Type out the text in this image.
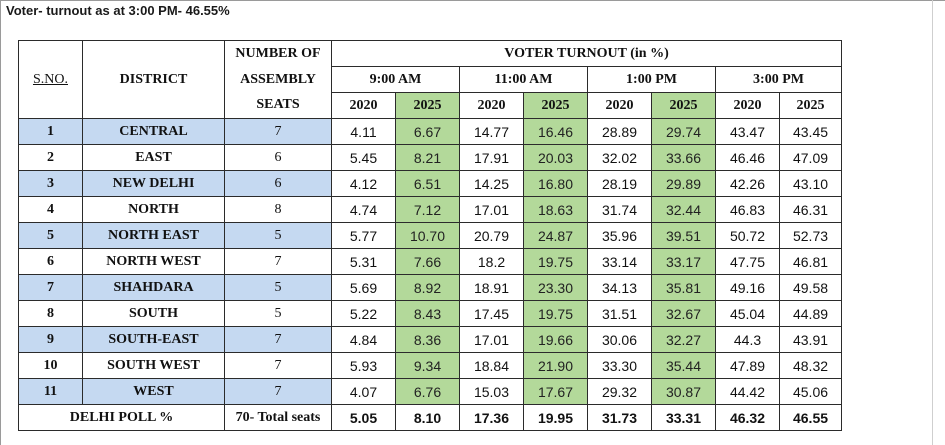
Voter- turnout as at 3:00 PM- 46.55%
S.NO.	DISTRICT	NUMBER OF	VOTER TURNOUT (in %)							
		ASSEMBLY	9:00 AM		11:00 AM		1:00 PM		3:00 PM	
		SEATS	2020	2025	2020	2025	2020	2025	2020	2025
1	CENTRAL	7	4.11	6.67	14.77	16.46	28.89	29.74	43.47	43.45
2	EAST	6	5.45	8.21	17.91	20.03	32.02	33.66	46.46	47.09
3	NEW DELHI	6	4.12	6.51	14.25	16.80	28.19	29.89	42.26	43.10
4	NORTH	8	4.74	7.12	17.01	18.63	31.74	32.44	46.83	46.31
5	NORTH EAST	5	5.77	10.70	20.79	24.87	35.96	39.51	50.72	52.73
6	NORTH WEST	7	5.31	7.66	18.2	19.75	33.14	33.17	47.75	46.81
7	SHAHDARA	5	5.69	8.92	18.91	23.30	34.13	35.81	49.16	49.58
8	SOUTH	5	5.22	8.43	17.45	19.75	31.51	32.67	45.04	44.89
9	SOUTH-EAST	7	4.84	8.36	17.01	19.66	30.06	32.27	44.3	43.91
10	SOUTH WEST	7	5.93	9.34	18.84	21.90	33.30	35.44	47.89	48.32
11	WEST	7	4.07	6.76	15.03	17.67	29.32	30.87	44.42	45.06
DELHI POLL %		70- Total seats	5.05	8.10	17.36	19.95	31.73	33.31	46.32	46.55
